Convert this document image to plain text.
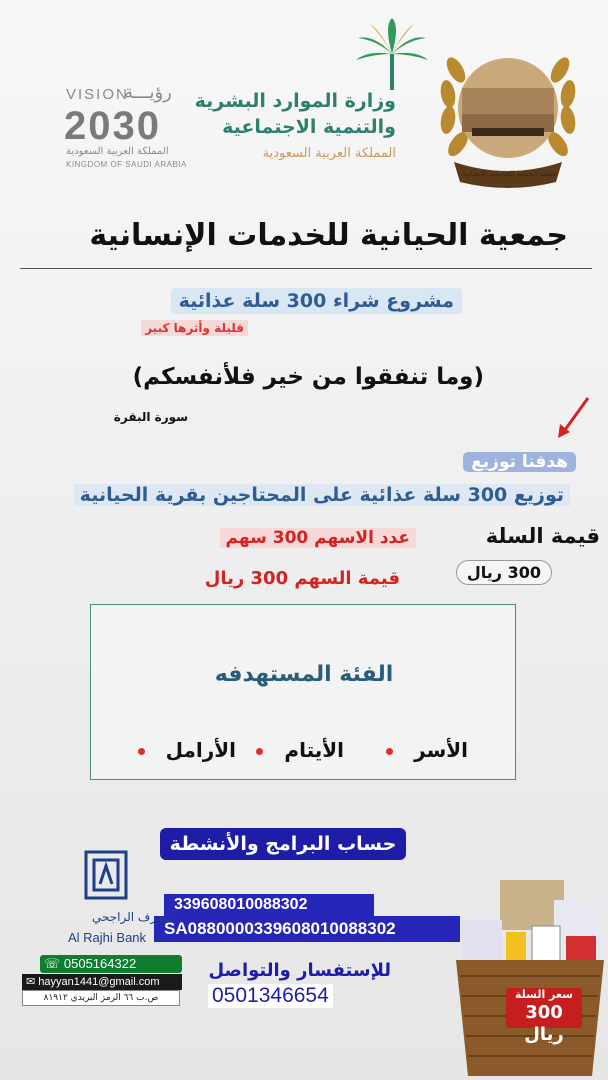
VISION
رؤيـــة
2030
المملكة العربية السعودية
KINGDOM OF SAUDI ARABIA
وزارة الموارد البشرية
والتنمية الاجتماعية
المملكة العربية السعودية
جمعية الحيانية للخدمات الإنسانية
جمعية الحيانية للخدمات الإنسانية
مشروع شراء 300 سلة عذائية
قليلة وأثرها كبير
(وما تنفقوا من خير فلأنفسكم)
سورة البقرة
هدفنا توزيع
توزيع 300 سلة عذائية على المحتاجين بقرية الحيانية
عدد الاسهم 300 سهم
قيمة السهم 300 ريال
قيمة السلة
300 ريال
الفئة المستهدفه
الأسر
الأيتام
الأرامل
حساب البرامج والأنشطة
339608010088302
SA0880000339608010088302
مصرف الراجحي
Al Rajhi Bank
للإستفسار والتواصل
0501346654
☏ 0505164322
✉ hayyan1441@gmail.com
ص.ب ٦٦ الرمز البريدي ٨١٩١٢	سعر السلة
300 ريال
